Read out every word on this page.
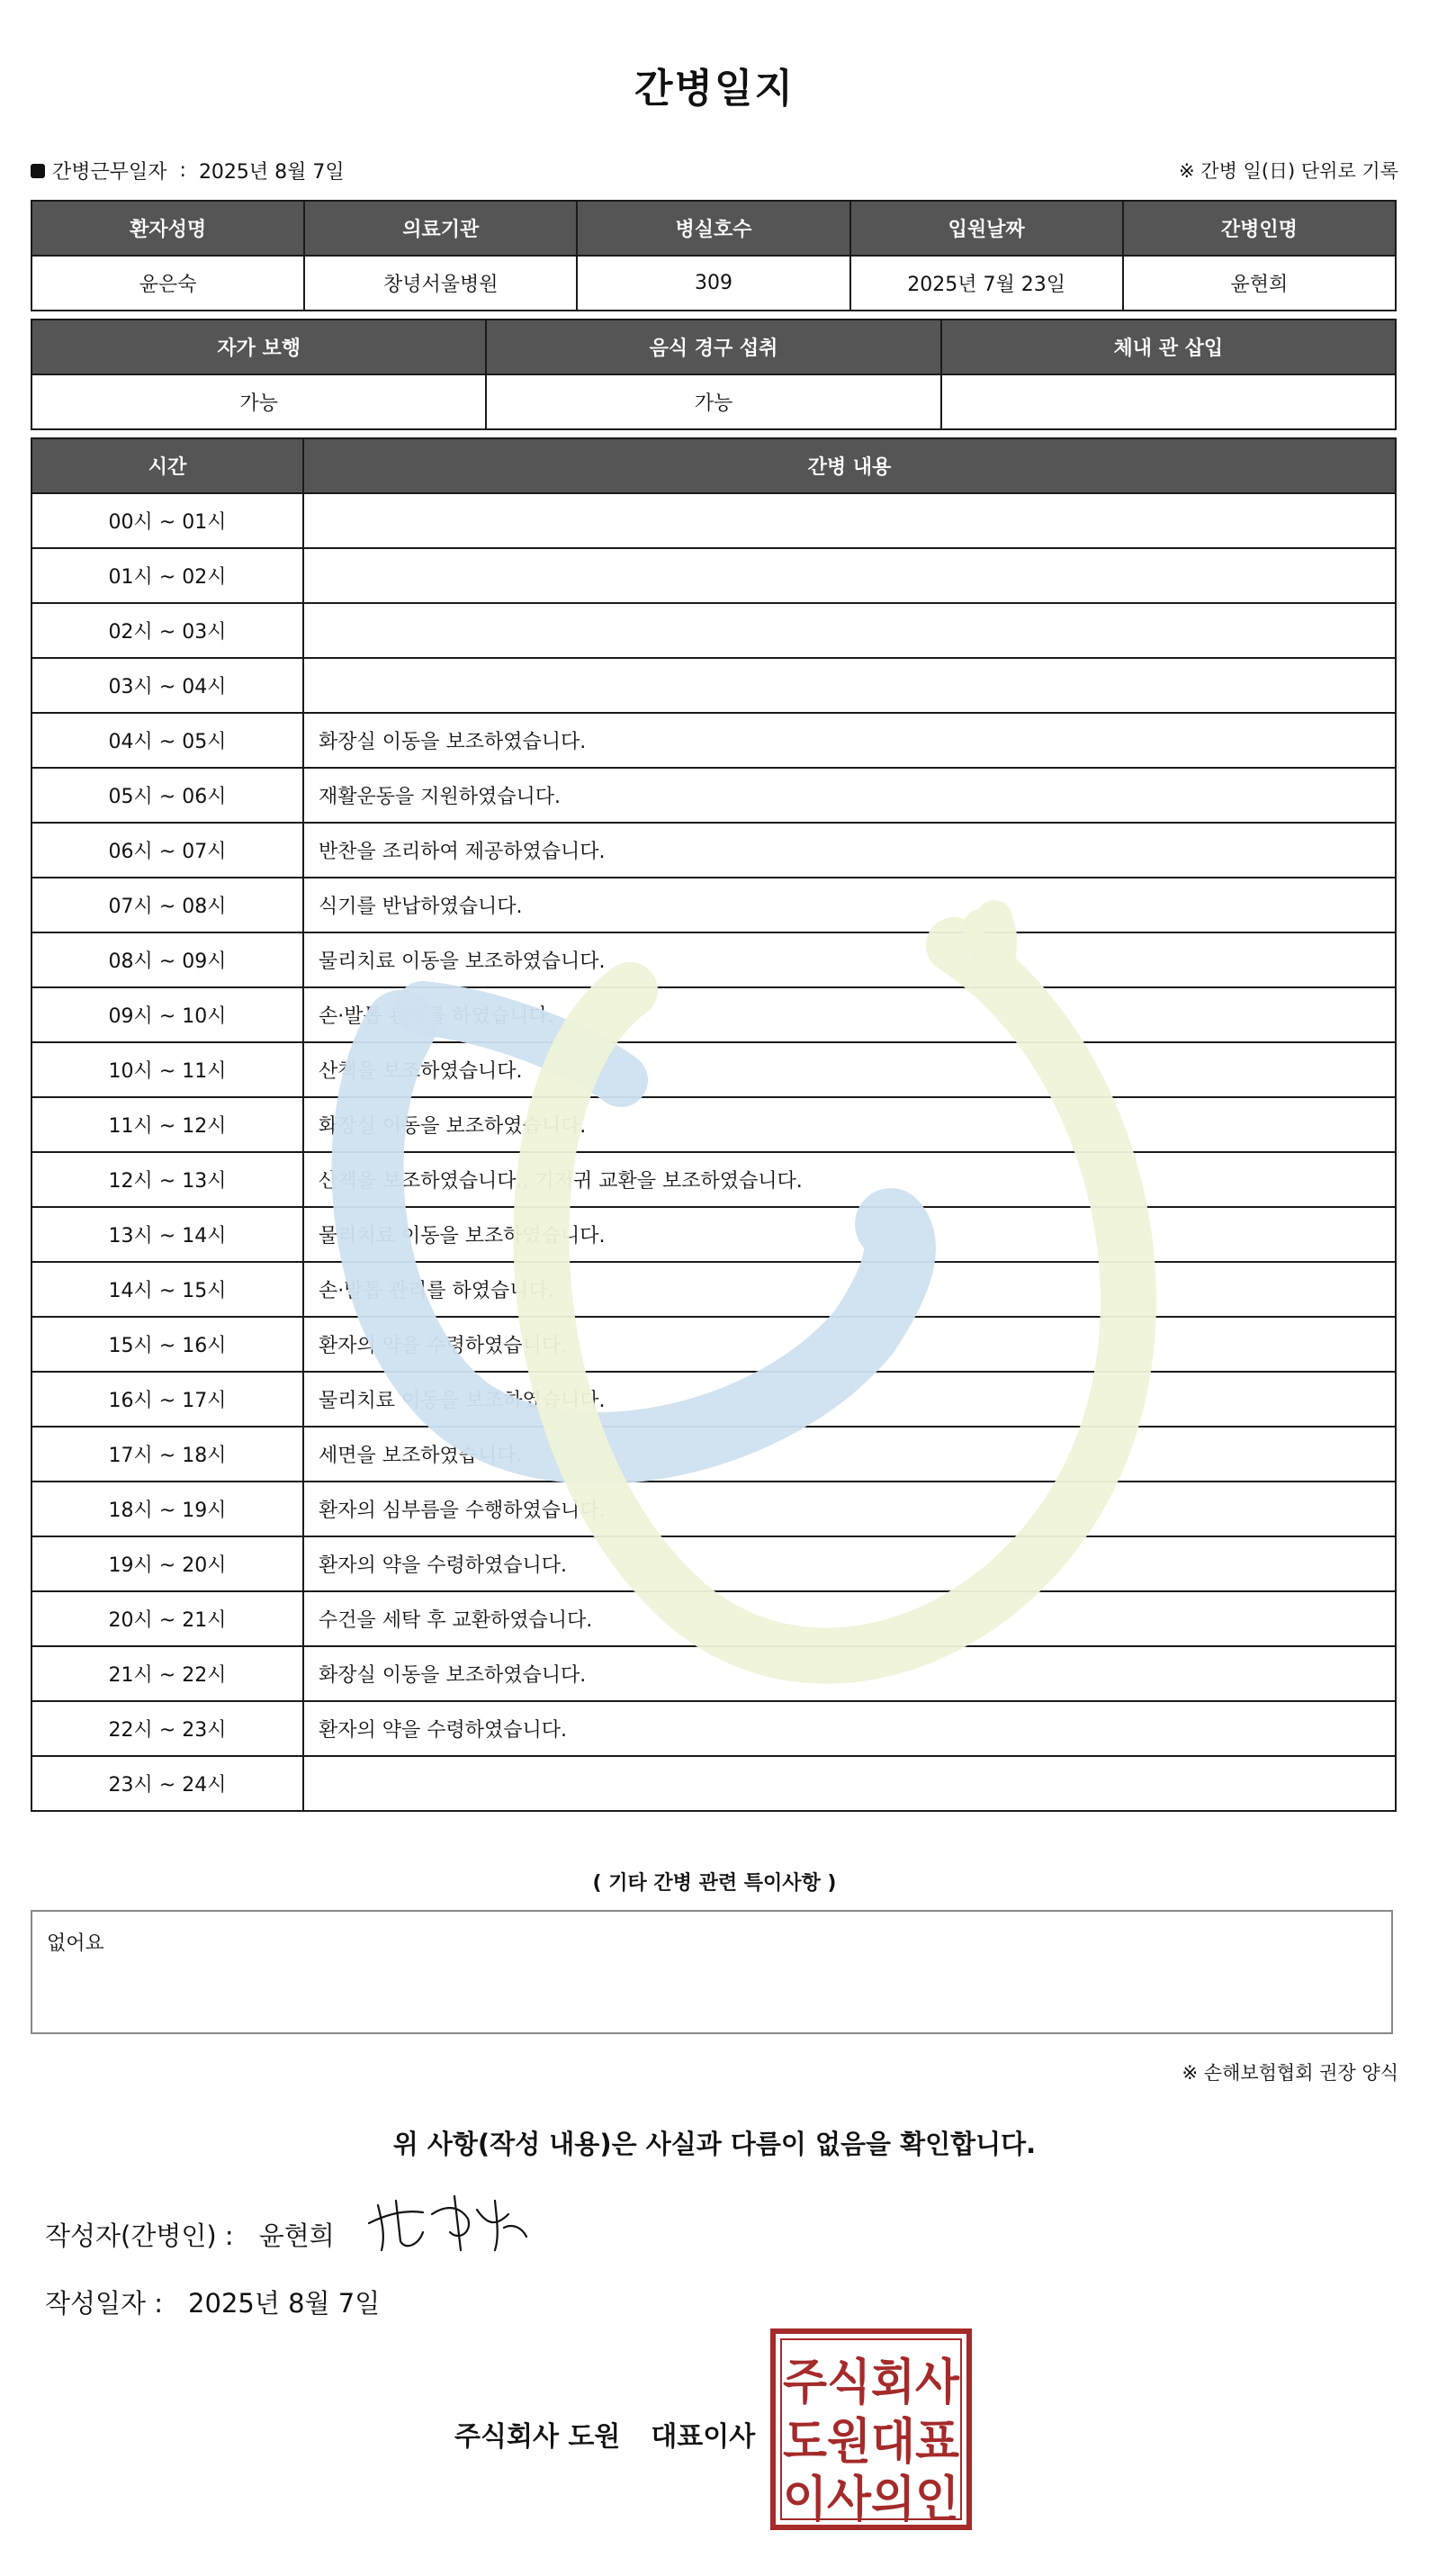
간병일지
간병근무일자 : 2025년 8월 7일	※ 간병 일(日) 단위로 기록
환자성명	의료기관	병실호수	입원날짜	간병인명
윤은숙	창녕서울병원	309	2025년 7월 23일	윤현희
자가 보행	음식 경구 섭취	체내 관 삽입
가능	가능	
시간	간병 내용
00시 ~ 01시	
01시 ~ 02시	
02시 ~ 03시	
03시 ~ 04시	
04시 ~ 05시	화장실 이동을 보조하였습니다.
05시 ~ 06시	재활운동을 지원하였습니다.
06시 ~ 07시	반찬을 조리하여 제공하였습니다.
07시 ~ 08시	식기를 반납하였습니다.
08시 ~ 09시	물리치료 이동을 보조하였습니다.
09시 ~ 10시	손·발톱 관리를 하였습니다.
10시 ~ 11시	산책을 보조하였습니다.
11시 ~ 12시	화장실 이동을 보조하였습니다.
12시 ~ 13시	산책을 보조하였습니다., 기저귀 교환을 보조하였습니다.
13시 ~ 14시	물리치료 이동을 보조하였습니다.
14시 ~ 15시	손·발톱 관리를 하였습니다.
15시 ~ 16시	환자의 약을 수령하였습니다.
16시 ~ 17시	물리치료 이동을 보조하였습니다.
17시 ~ 18시	세면을 보조하였습니다.
18시 ~ 19시	환자의 심부름을 수행하였습니다.
19시 ~ 20시	환자의 약을 수령하였습니다.
20시 ~ 21시	수건을 세탁 후 교환하였습니다.
21시 ~ 22시	화장실 이동을 보조하였습니다.
22시 ~ 23시	환자의 약을 수령하였습니다.
23시 ~ 24시	
( 기타 간병 관련 특이사항 )
없어요
※ 손해보험협회 권장 양식
위 사항(작성 내용)은 사실과 다름이 없음을 확인합니다.
작성자(간병인) : 윤현희
작성일자 : 2025년 8월 7일
주식회사 도원 대표이사
주식회사
도원대표
이사의인
